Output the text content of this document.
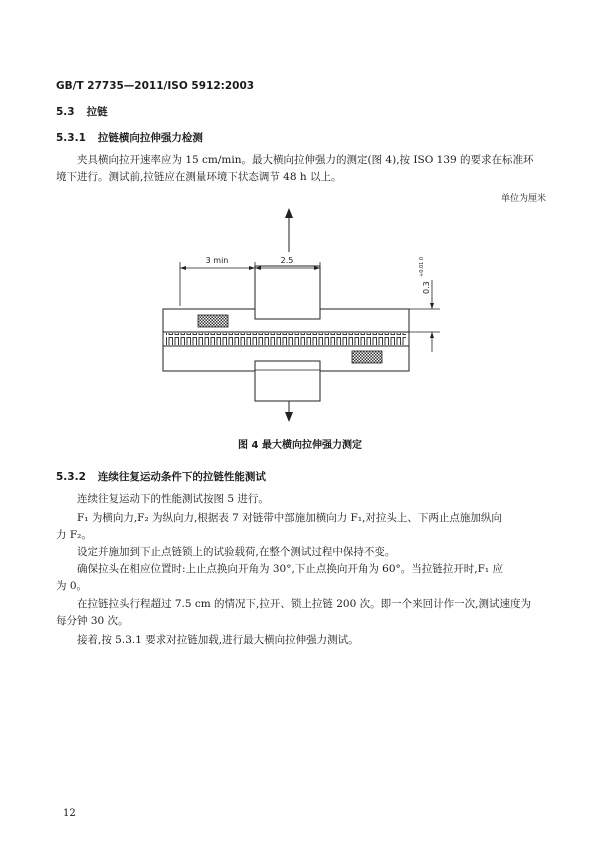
GB/T 27735—2011/ISO 5912:2003
5.3 拉链
5.3.1 拉链横向拉伸强力检测
夹具横向拉开速率应为 15 cm/min。最大横向拉伸强力的测定(图 4),按 ISO 139 的要求在标准环
境下进行。测试前,拉链应在测量环境下状态调节 48 h 以上。
单位为厘米
3 min	2.5
0.3
+0.01 0
图 4 最大横向拉伸强力测定
5.3.2 连续往复运动条件下的拉链性能测试
连续往复运动下的性能测试按图 5 进行。
F₁ 为横向力,F₂ 为纵向力,根据表 7 对链带中部施加横向力 F₁,对拉头上、下两止点施加纵向
力 F₂。
设定并施加到下止点链锁上的试验载荷,在整个测试过程中保持不变。
确保拉头在相应位置时:上止点换向开角为 30°,下止点换向开角为 60°。当拉链拉开时,F₁ 应
为 0。
在拉链拉头行程超过 7.5 cm 的情况下,拉开、锁上拉链 200 次。即一个来回计作一次,测试速度为
每分钟 30 次。
接着,按 5.3.1 要求对拉链加载,进行最大横向拉伸强力测试。
12
